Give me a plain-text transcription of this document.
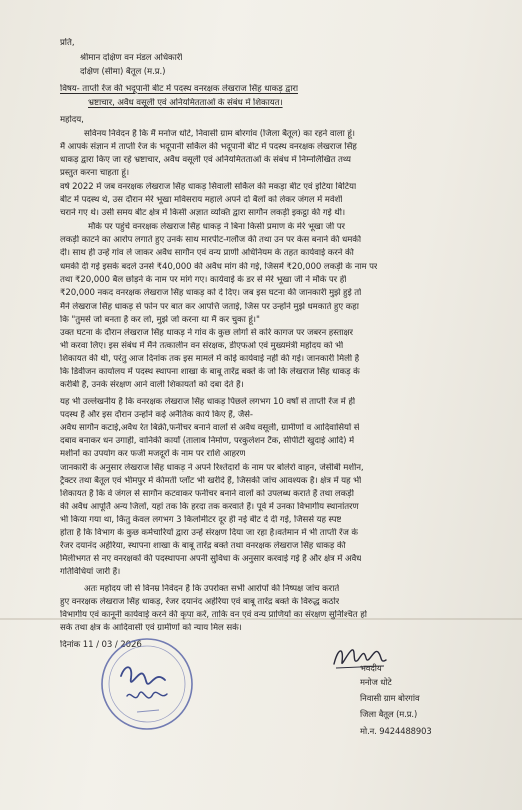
प्रति,
श्रीमान दक्षिण वन मंडल अधिकारी
दक्षिण (सीमा) बैतूल (म.प्र.)
विषय- ताप्ती रेंज की भदूपानी बीट में पदस्थ वनरक्षक लेखराज सिंह धाकड़ द्वारा
भ्रष्टाचार, अवैध वसूली एवं अनियमितताओं के संबंध में शिकायत।
महोदय,
सविनय निवेदन है कि मैं मनोज धोटे, निवासी ग्राम बोरगांव (जिला बैतूल) का रहने वाला हूं।
मैं आपके संज्ञान में ताप्ती रेंज के भदूपानी सर्किल की भदूपानी बीट में पदस्थ वनरक्षक लेखराज सिंह
धाकड़ द्वारा किए जा रहे भ्रष्टाचार, अवैध वसूली एवं अनियमितताओं के संबंध में निम्नलिखित तथ्य
प्रस्तुत करना चाहता हूं।
वर्ष 2022 में जब वनरक्षक लेखराज सिंह धाकड़ सिवाली सर्किल की मकड़ा बीट एवं इटिया बिटिया
बीट में पदस्थ थे, उस दौरान मेरे भूखा मविसराय महाले अपने दो बैलों को लेकर जंगल में मवेशी
चराने गए थे। उसी समय बीट क्षेत्र में किसी अज्ञात व्यक्ति द्वारा सागौन लकड़ी इकट्ठा की गई थी।
मौके पर पहुंचे वनरक्षक लेखराज सिंह धाकड़ ने बिना किसी प्रमाण के मेरे भूखा जी पर
लकड़ी काटने का आरोप लगाते हुए उनके साथ मारपीट-गलौज की तथा उन पर केस बनाने की धमकी
दी। साथ ही उन्हें गांव ले जाकर अवैध सागौन एवं वन्य प्राणी अधिनियम के तहत कार्यवाई करने की
धमकी दी गई इसके बदले उनसे ₹40,000 की अवैध मांग की गई, जिसमें ₹20,000 लकड़ी के नाम पर
तथा ₹20,000 बैल छोड़ने के नाम पर मांगे गए। कार्यवाई के डर से मेरे भूखा जी ने मौके पर ही
₹20,000 नकद वनरक्षक लेखराज सिंह धाकड़ को दे दिए। जब इस घटना की जानकारी मुझे हुई तो
मैंने लेखराज सिंह धाकड़ से फोन पर बात कर आपत्ति जताई, जिस पर उन्होंने मुझे धमकाते हुए कहा
कि "तुमसे जो बनता है कर लो, मुझे जो करना था मैं कर चुका हूं।"
उक्त घटना के दौरान लेखराज सिंह धाकड़ ने गांव के कुछ लोगों से कोरे कागज पर जबरन हस्ताक्षर
भी करवा लिए। इस संबंध में मैंने तत्कालीन वन संरक्षक, डीएफओ एवं मुख्यमंत्री महोदय को भी
शिकायत की थी, परंतु आज दिनांक तक इस मामले में कोई कार्यवाई नहीं की गई। जानकारी मिली है
कि डिवीजन कार्यालय में पदस्थ स्थापना शाखा के बाबू तारेंद्र बक्ते के जो कि लेखराज सिंह धाकड़ के
करीबी हैं, उनके संरक्षण आने वाली शिकायतों को दबा देते हैं।
यह भी उल्लेखनीय है कि वनरक्षक लेखराज सिंह धाकड़ पिछले लगभग 10 वर्षों से ताप्ती रेंज में ही
पदस्थ हैं और इस दौरान उन्होंने कई अनैतिक कार्य किए हैं, जैसे-
अवैध सागौन कटाई,अवैध रेत बिक्री,फर्नीचर बनाने वालों से अवैध वसूली, ग्रामीणों व आदिवासियों से
दबाव बनाकर धन उगाही, वानिकी कार्यों (तालाब निर्माण, परकुलेशन टैंक, सीपीटी खुदाई आदि) में
मशीनों का उपयोग कर फर्जी मजदूरों के नाम पर राशि आहरण
जानकारी के अनुसार लेखराज सिंह धाकड़ ने अपने रिश्तेदारों के नाम पर बोलेरो वाहन, जेसीबी मशीन,
ट्रैक्टर तथा बैतूल एवं भीमपुर में कीमती प्लॉट भी खरीदे हैं, जिसकी जांच आवश्यक है। क्षेत्र में यह भी
शिकायत है कि वे जंगल से सागौन कटवाकर फर्नीचर बनाने वालों को उपलब्ध कराते हैं तथा लकड़ी
की अवैध आपूर्ति अन्य जिलों, यहां तक कि हरदा तक करवाते हैं। पूर्व में उनका विभागीय स्थानांतरण
भी किया गया था, किंतु केवल लगभग 3 किलोमीटर दूर ही नई बीट दे दी गई, जिससे यह स्पष्ट
होता है कि विभाग के कुछ कर्मचारियों द्वारा उन्हें संरक्षण दिया जा रहा है।वर्तमान में भी ताप्ती रेंज के
रेंजर दयानंद अहेरिया, स्थापना शाखा के बाबू तारेंद्र बक्ते तथा वनरक्षक लेखराज सिंह धाकड़ की
मिलीभगत से नए वनरक्षकों की पदस्थापना अपनी सुविधा के अनुसार करवाई गई है और क्षेत्र में अवैध
गतिविधियां जारी हैं।
अतः महोदय जी से विनम्र निवेदन है कि उपरोक्त सभी आरोपों की निष्पक्ष जांच कराते
हुए वनरक्षक लेखराज सिंह धाकड़, रेंजर दयानंद अहेरिया एवं बाबू तारेंद्र बक्ते के विरुद्ध कठोर
विभागीय एवं कानूनी कार्यवाई करने की कृपा करें, ताकि वन एवं वन्य प्राणियों का संरक्षण सुनिश्चित हो
सके तथा क्षेत्र के आदिवासी एवं ग्रामीणों को न्याय मिल सके।
दिनांक 11 / 03 / 2026
भवदीय
मनोज धोटे
निवासी ग्राम बोरगांव
जिला बैतूल (म.प्र.)
मो.न. 9424488903
